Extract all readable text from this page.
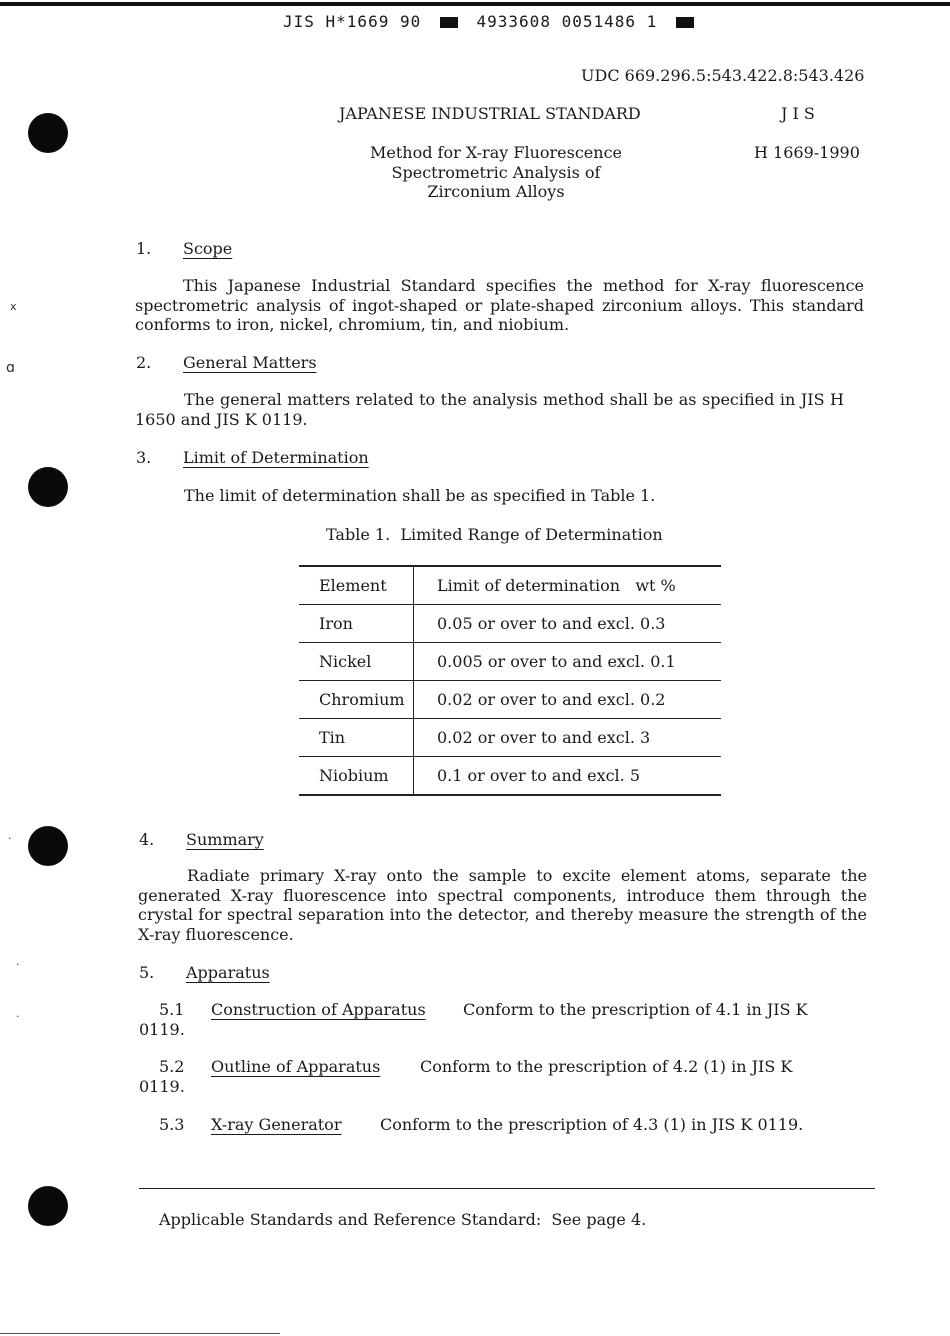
JIS H*1669 90	4933608 0051486 1
ⅹ
ɑ
·
·
·
UDC 669.296.5:543.422.8:543.426
JAPANESE INDUSTRIAL STANDARD	J I S
H 1669-1990
Method for X-ray Fluorescence
Spectrometric Analysis of
Zirconium Alloys
1. Scope
This Japanese Industrial Standard specifies the method for X-ray fluorescence spectrometric analysis of ingot-shaped or plate-shaped zirconium alloys. This standard conforms to iron, nickel, chromium, tin, and niobium.
2. General Matters
The general matters related to the analysis method shall be as specified in JIS H 1650 and JIS K 0119.
3. Limit of Determination
The limit of determination shall be as specified in Table 1.
Table 1.  Limited Range of Determination
Element	Limit of determination   wt %
Iron	0.05 or over to and excl. 0.3
Nickel	0.005 or over to and excl. 0.1
Chromium	0.02 or over to and excl. 0.2
Tin	0.02 or over to and excl. 3
Niobium	0.1 or over to and excl. 5
4. Summary
Radiate primary X-ray onto the sample to excite element atoms, separate the generated X-ray fluorescence into spectral components, introduce them through the crystal for spectral separation into the detector, and thereby measure the strength of the X-ray fluorescence.
5. Apparatus
5.1 Construction of Apparatus Conform to the prescription of 4.1 in JIS K
0119.
5.2 Outline of Apparatus Conform to the prescription of 4.2 (1) in JIS K
0119.
5.3 X-ray Generator Conform to the prescription of 4.3 (1) in JIS K 0119.
Applicable Standards and Reference Standard:  See page 4.
